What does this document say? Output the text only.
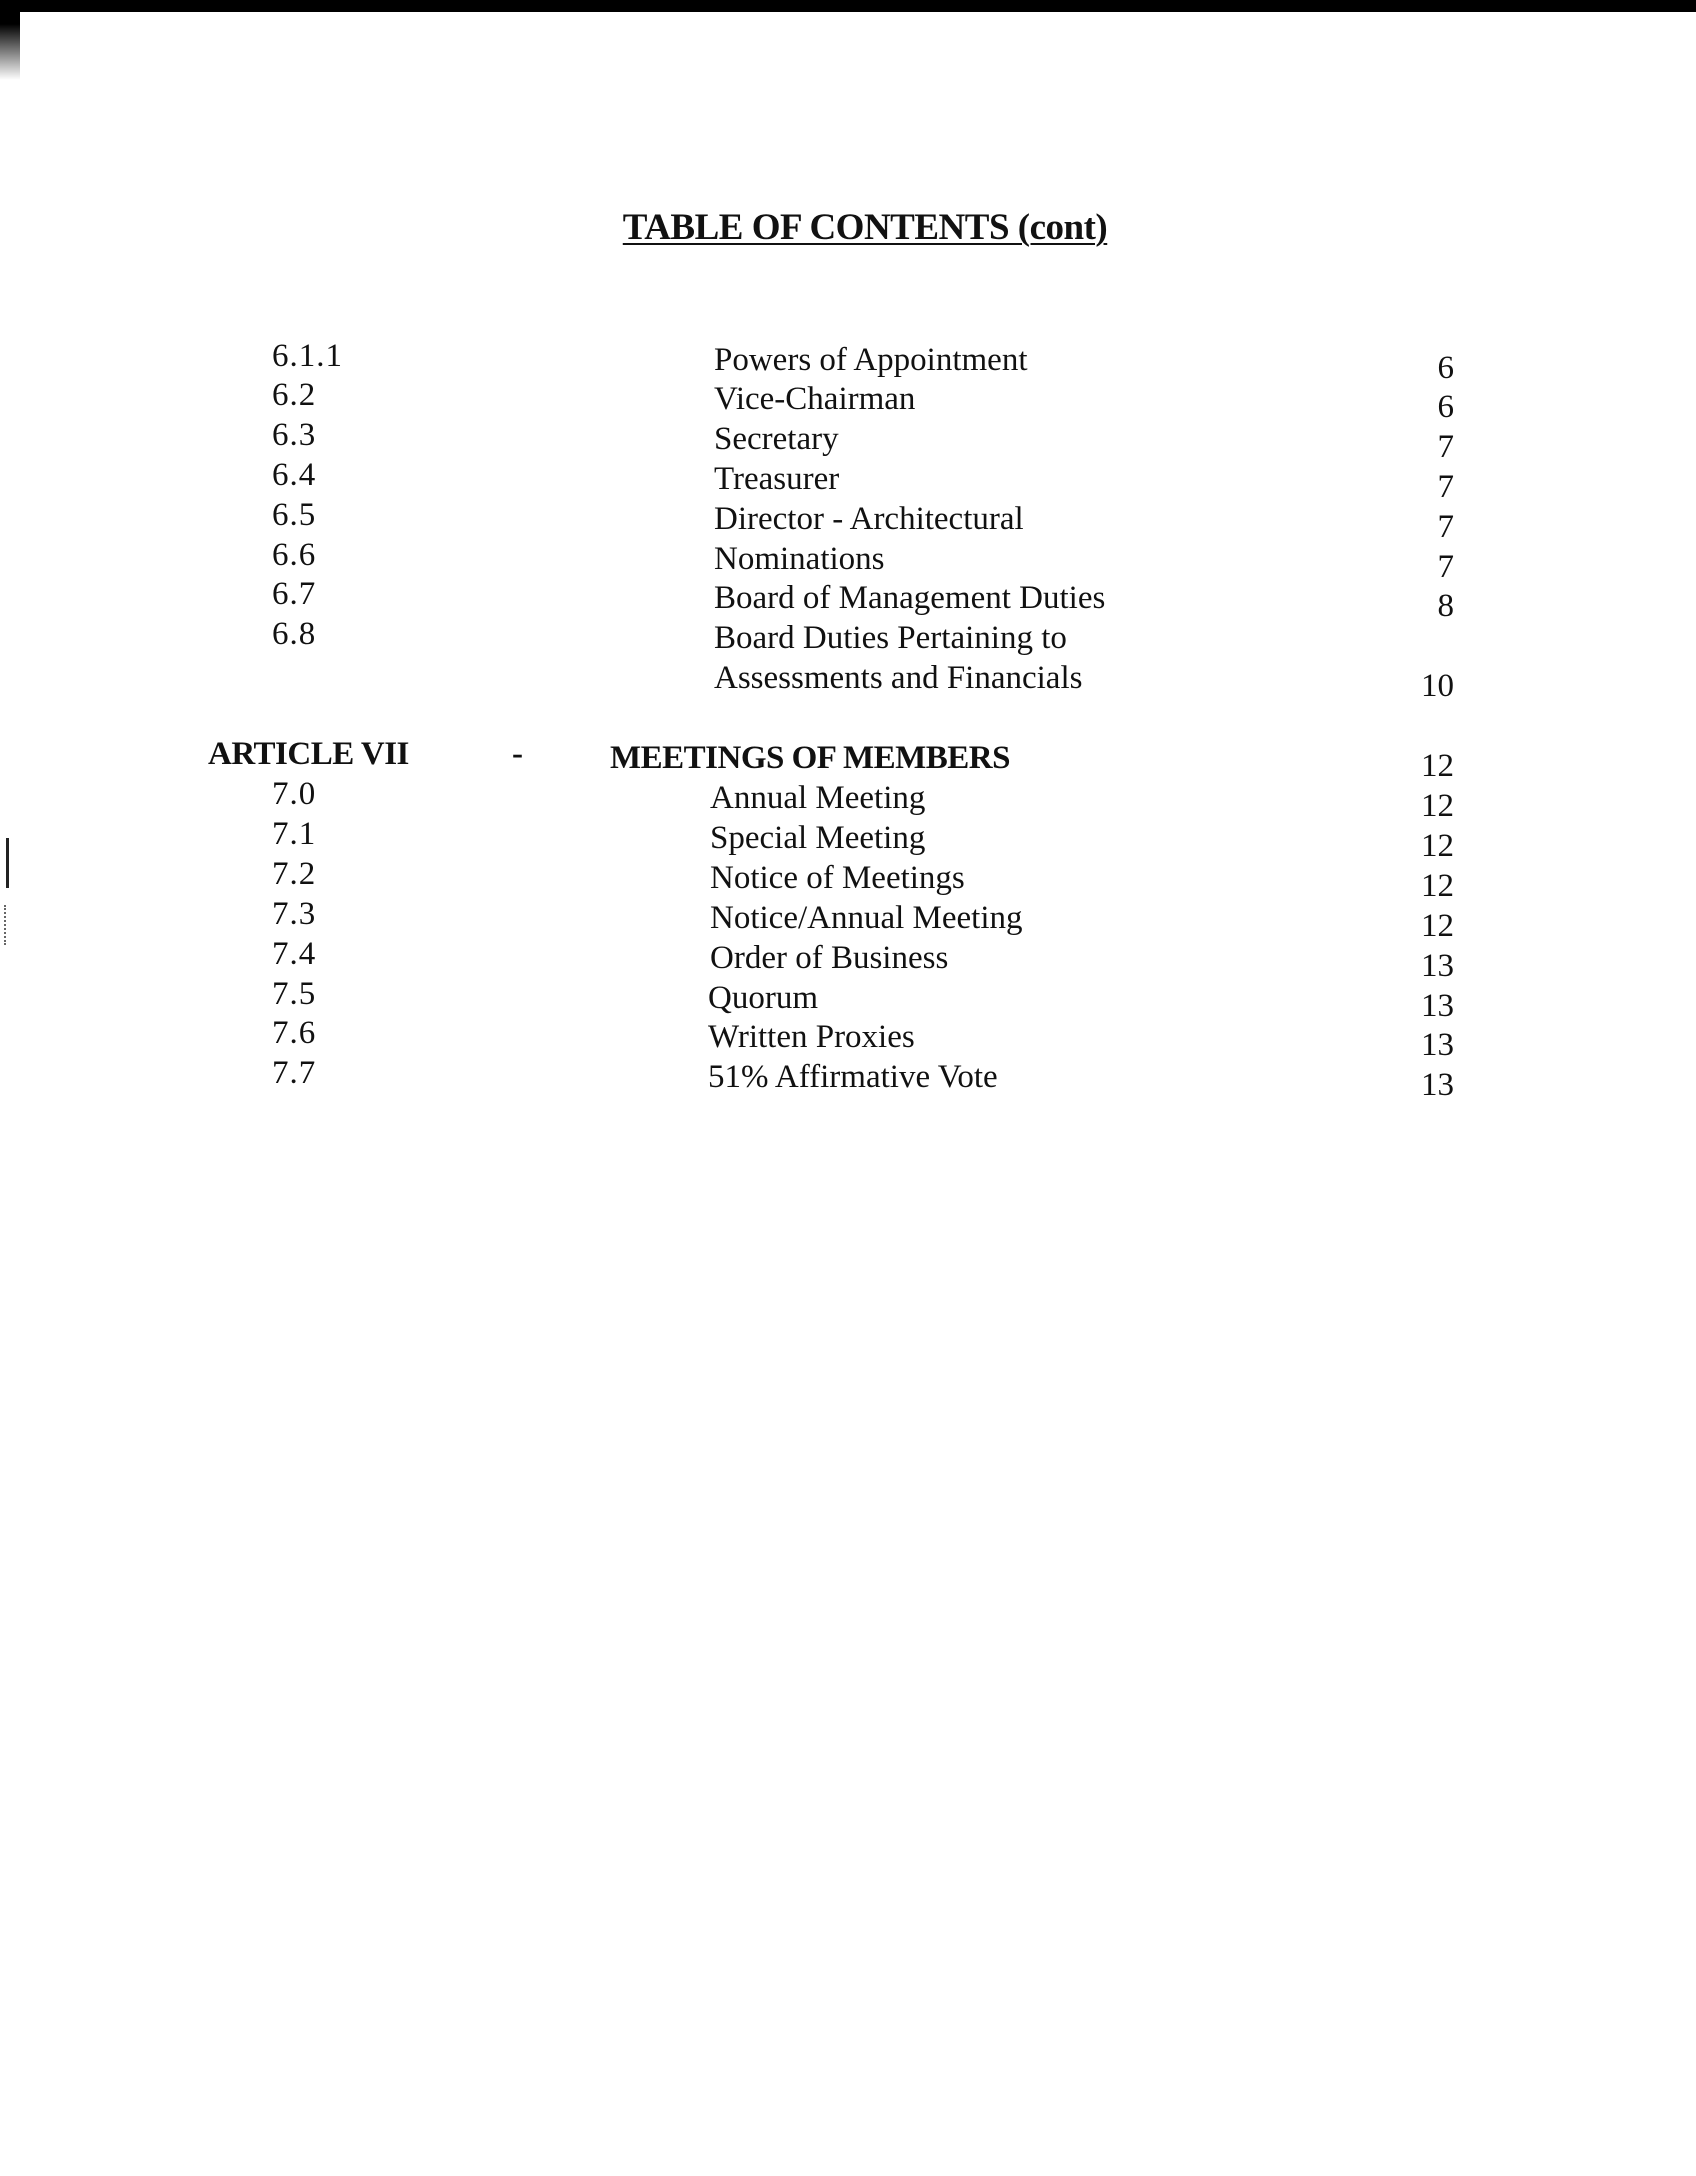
TABLE OF CONTENTS (cont)
6.1.1	Powers of Appointment	6
6.2	Vice-Chairman	6
6.3	Secretary	7
6.4	Treasurer	7
6.5	Director - Architectural	7
6.6	Nominations	7
6.7	Board of Management Duties	8
6.8	Board Duties Pertaining to
Assessments and Financials	10
ARTICLE VII	-	MEETINGS OF MEMBERS	12
7.0	Annual Meeting	12
7.1	Special Meeting	12
7.2	Notice of Meetings	12
7.3	Notice/Annual Meeting	12
7.4	Order of Business	13
7.5	Quorum	13
7.6	Written Proxies	13
7.7	51% Affirmative Vote	13
